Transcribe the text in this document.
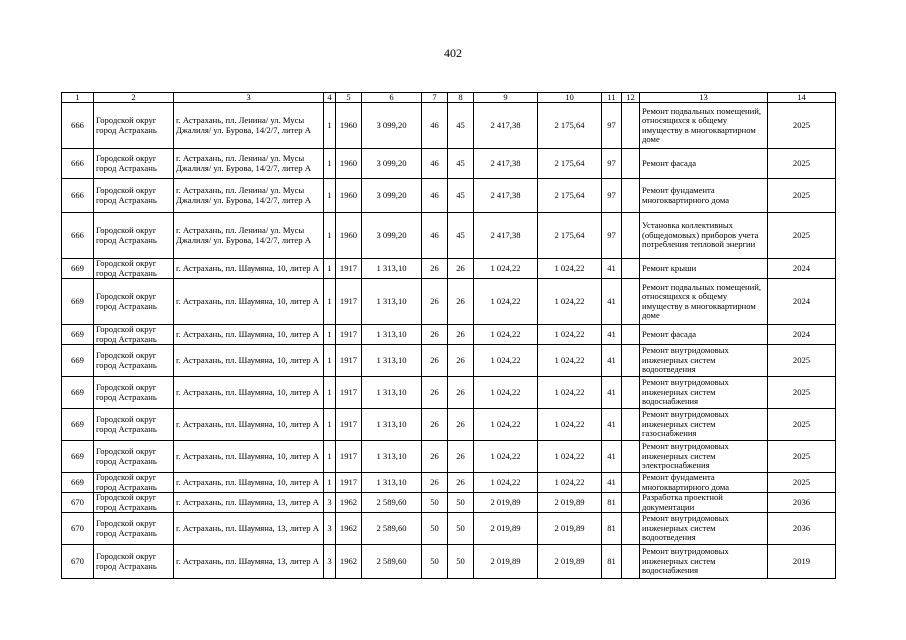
402
1	2	3	4	5	6	7	8	9	10	11	12	13	14
666	Городской округ город Астрахань	г. Астрахань, пл. Ленина/ ул. Мусы Джалиля/ ул. Бурова, 14/2/7, литер А	1	1960	3 099,20	46	45	2 417,38	2 175,64	97		Ремонт подвальных помещений, относящихся к общему имуществу в многоквартирном доме	2025
666	Городской округ город Астрахань	г. Астрахань, пл. Ленина/ ул. Мусы Джалиля/ ул. Бурова, 14/2/7, литер А	1	1960	3 099,20	46	45	2 417,38	2 175,64	97		Ремонт фасада	2025
666	Городской округ город Астрахань	г. Астрахань, пл. Ленина/ ул. Мусы Джалиля/ ул. Бурова, 14/2/7, литер А	1	1960	3 099,20	46	45	2 417,38	2 175,64	97		Ремонт фундамента многоквартирного дома	2025
666	Городской округ город Астрахань	г. Астрахань, пл. Ленина/ ул. Мусы Джалиля/ ул. Бурова, 14/2/7, литер А	1	1960	3 099,20	46	45	2 417,38	2 175,64	97		Установка коллективных (общедомовых) приборов учета потребления тепловой энергии	2025
669	Городской округ город Астрахань	г. Астрахань, пл. Шаумяна, 10, литер А	1	1917	1 313,10	26	26	1 024,22	1 024,22	41		Ремонт крыши	2024
669	Городской округ город Астрахань	г. Астрахань, пл. Шаумяна, 10, литер А	1	1917	1 313,10	26	26	1 024,22	1 024,22	41		Ремонт подвальных помещений, относящихся к общему имуществу в многоквартирном доме	2024
669	Городской округ город Астрахань	г. Астрахань, пл. Шаумяна, 10, литер А	1	1917	1 313,10	26	26	1 024,22	1 024,22	41		Ремонт фасада	2024
669	Городской округ город Астрахань	г. Астрахань, пл. Шаумяна, 10, литер А	1	1917	1 313,10	26	26	1 024,22	1 024,22	41		Ремонт внутридомовых инженерных систем водоотведения	2025
669	Городской округ город Астрахань	г. Астрахань, пл. Шаумяна, 10, литер А	1	1917	1 313,10	26	26	1 024,22	1 024,22	41		Ремонт внутридомовых инженерных систем водоснабжения	2025
669	Городской округ город Астрахань	г. Астрахань, пл. Шаумяна, 10, литер А	1	1917	1 313,10	26	26	1 024,22	1 024,22	41		Ремонт внутридомовых инженерных систем газоснабжения	2025
669	Городской округ город Астрахань	г. Астрахань, пл. Шаумяна, 10, литер А	1	1917	1 313,10	26	26	1 024,22	1 024,22	41		Ремонт внутридомовых инженерных систем электроснабжения	2025
669	Городской округ город Астрахань	г. Астрахань, пл. Шаумяна, 10, литер А	1	1917	1 313,10	26	26	1 024,22	1 024,22	41		Ремонт фундамента многоквартирного дома	2025
670	Городской округ город Астрахань	г. Астрахань, пл. Шаумяна, 13, литер А	3	1962	2 589,60	50	50	2 019,89	2 019,89	81		Разработка проектной документации	2036
670	Городской округ город Астрахань	г. Астрахань, пл. Шаумяна, 13, литер А	3	1962	2 589,60	50	50	2 019,89	2 019,89	81		Ремонт внутридомовых инженерных систем водоотведения	2036
670	Городской округ город Астрахань	г. Астрахань, пл. Шаумяна, 13, литер А	3	1962	2 589,60	50	50	2 019,89	2 019,89	81		Ремонт внутридомовых инженерных систем водоснабжения	2019
